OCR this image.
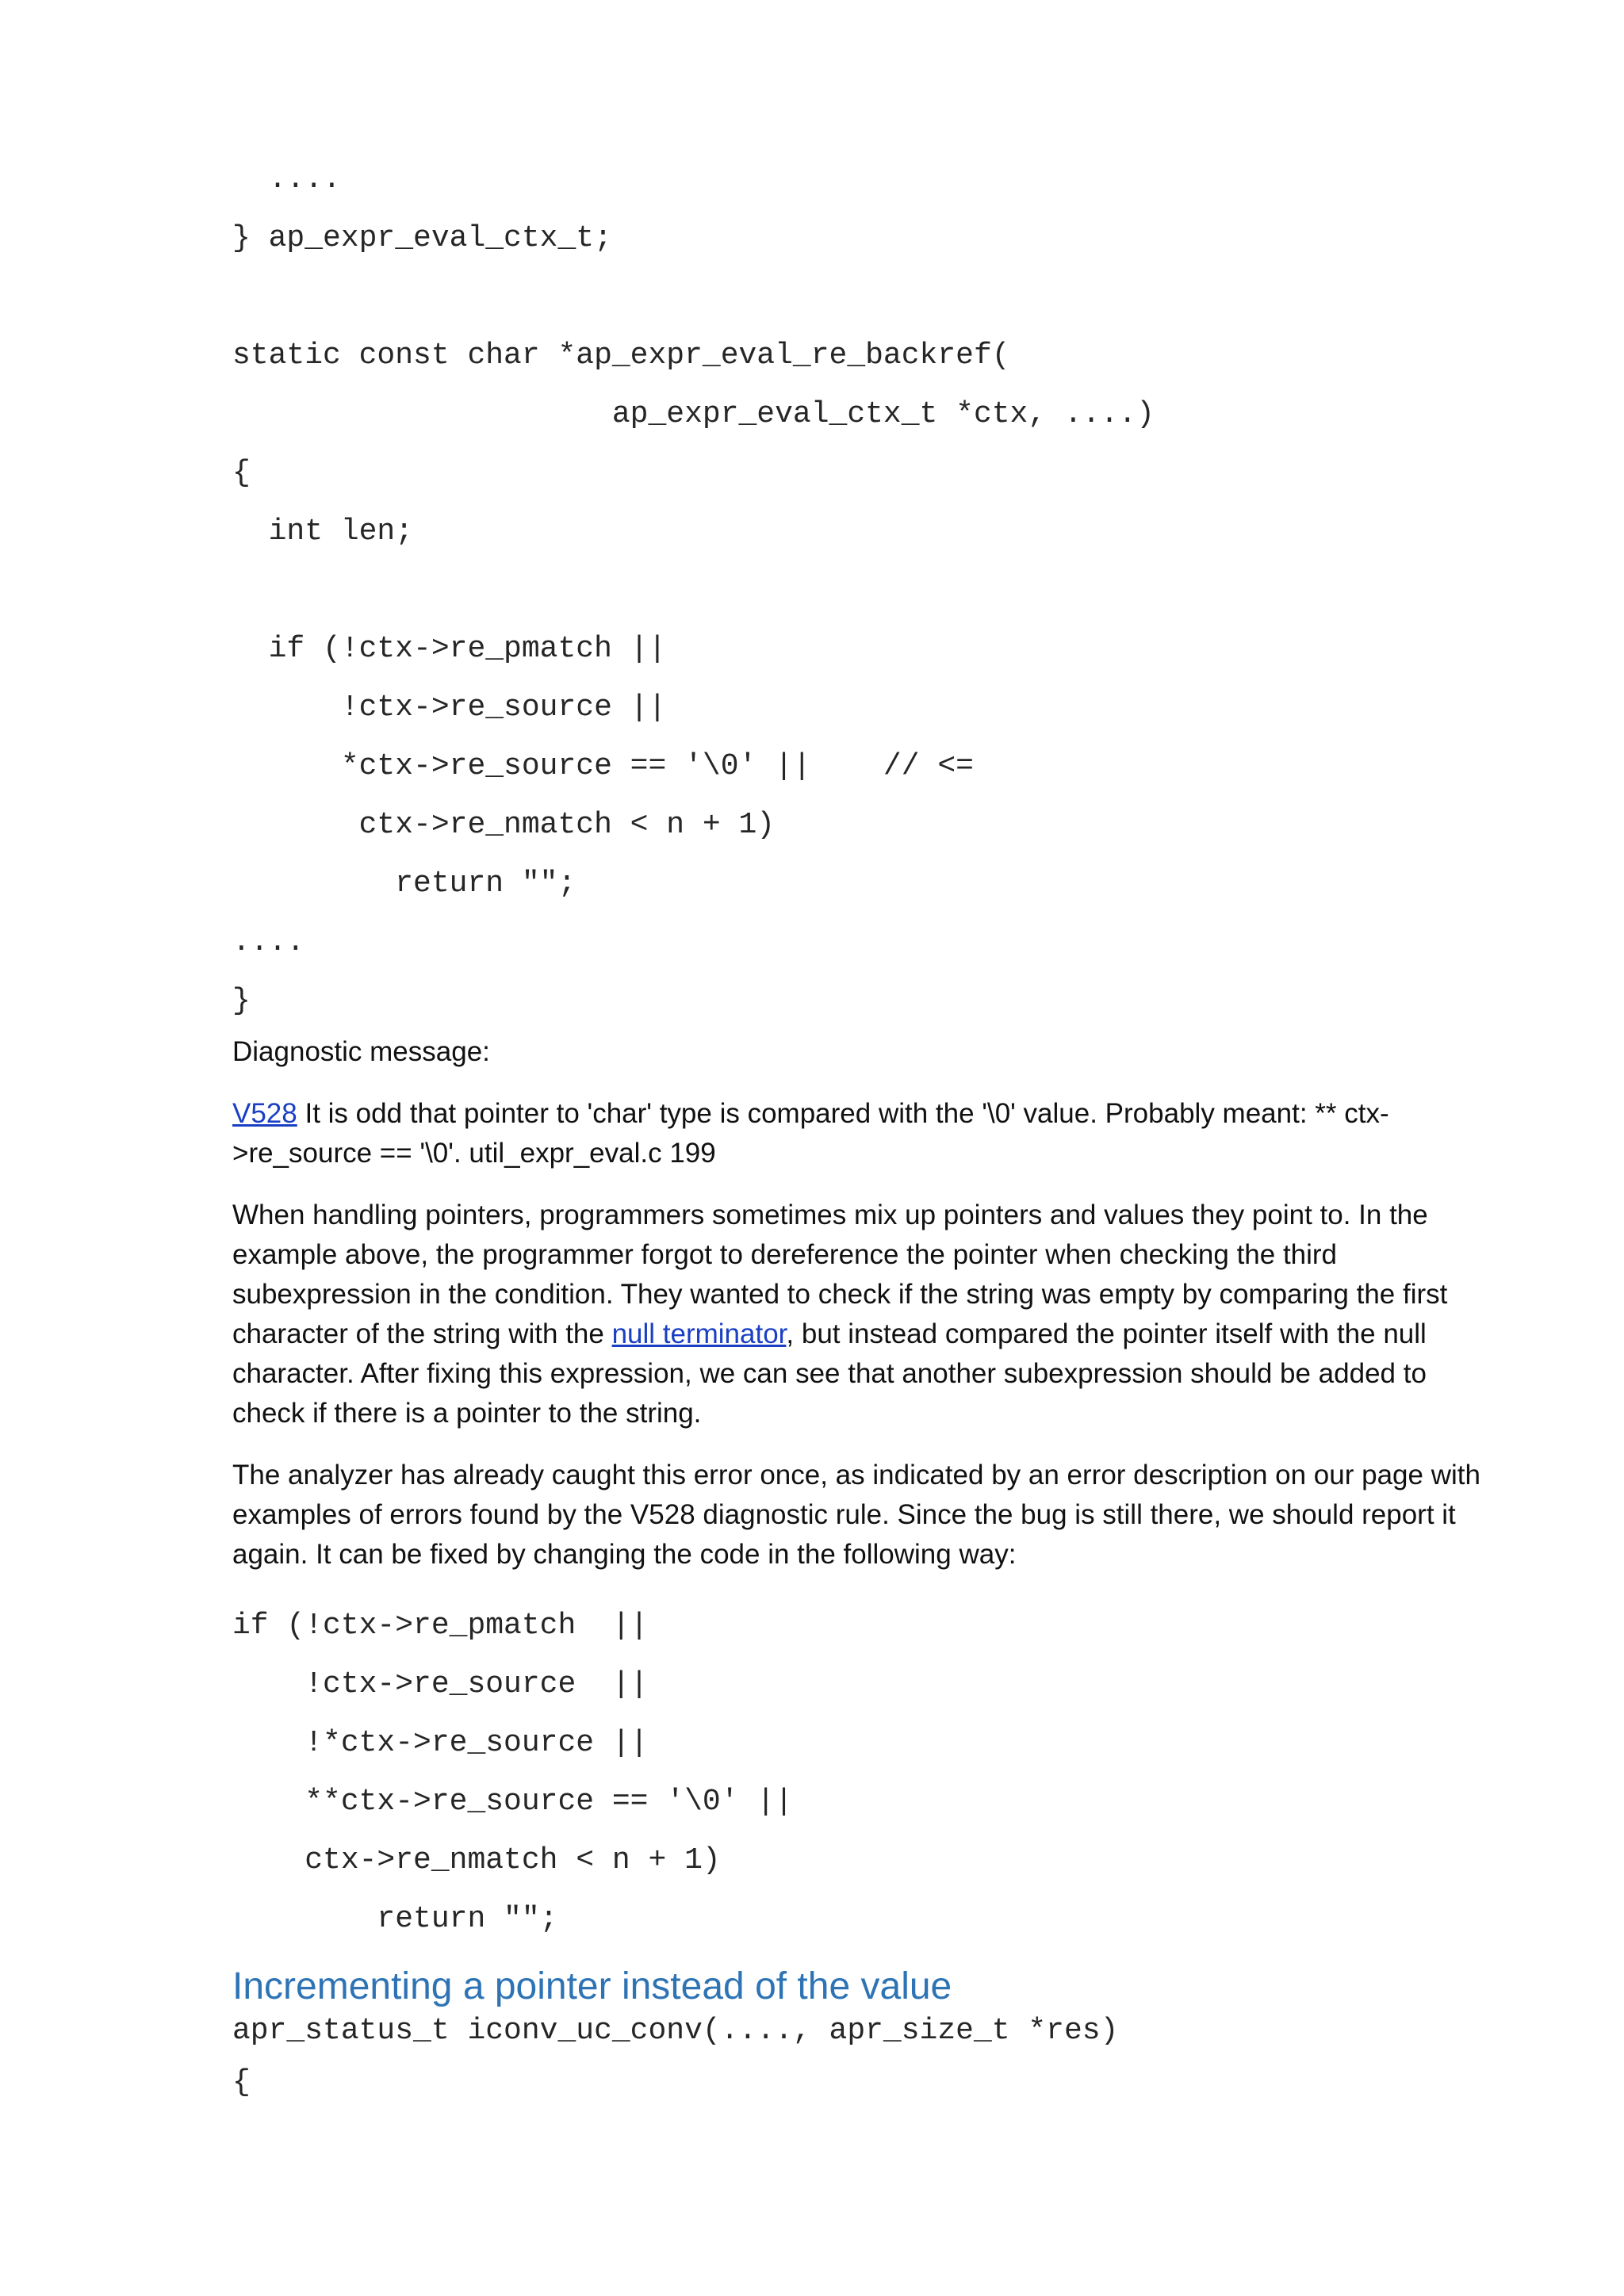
....
} ap_expr_eval_ctx_t;
static const char *ap_expr_eval_re_backref(
ap_expr_eval_ctx_t *ctx, ....)
{
int len;
if (!ctx->re_pmatch ||
!ctx->re_source ||
*ctx->re_source == '\0' ||    // <=
ctx->re_nmatch < n + 1)
return "";
....
}

Diagnostic message:

V528 It is odd that pointer to 'char' type is compared with the '\0' value. Probably meant: ** ctx->re_source == '\0'. util_expr_eval.c 199

When handling pointers, programmers sometimes mix up pointers and values they point to. In the example above, the programmer forgot to dereference the pointer when checking the third subexpression in the condition. They wanted to check if the string was empty by comparing the first character of the string with the null terminator, but instead compared the pointer itself with the null character. After fixing this expression, we can see that another subexpression should be added to check if there is a pointer to the string.

The analyzer has already caught this error once, as indicated by an error description on our page with examples of errors found by the V528 diagnostic rule. Since the bug is still there, we should report it again. It can be fixed by changing the code in the following way:

if (!ctx->re_pmatch  ||
!ctx->re_source  ||
!*ctx->re_source ||
**ctx->re_source == '\0' ||
ctx->re_nmatch < n + 1)
return "";
Incrementing a pointer instead of the value
apr_status_t iconv_uc_conv(...., apr_size_t *res)
{
